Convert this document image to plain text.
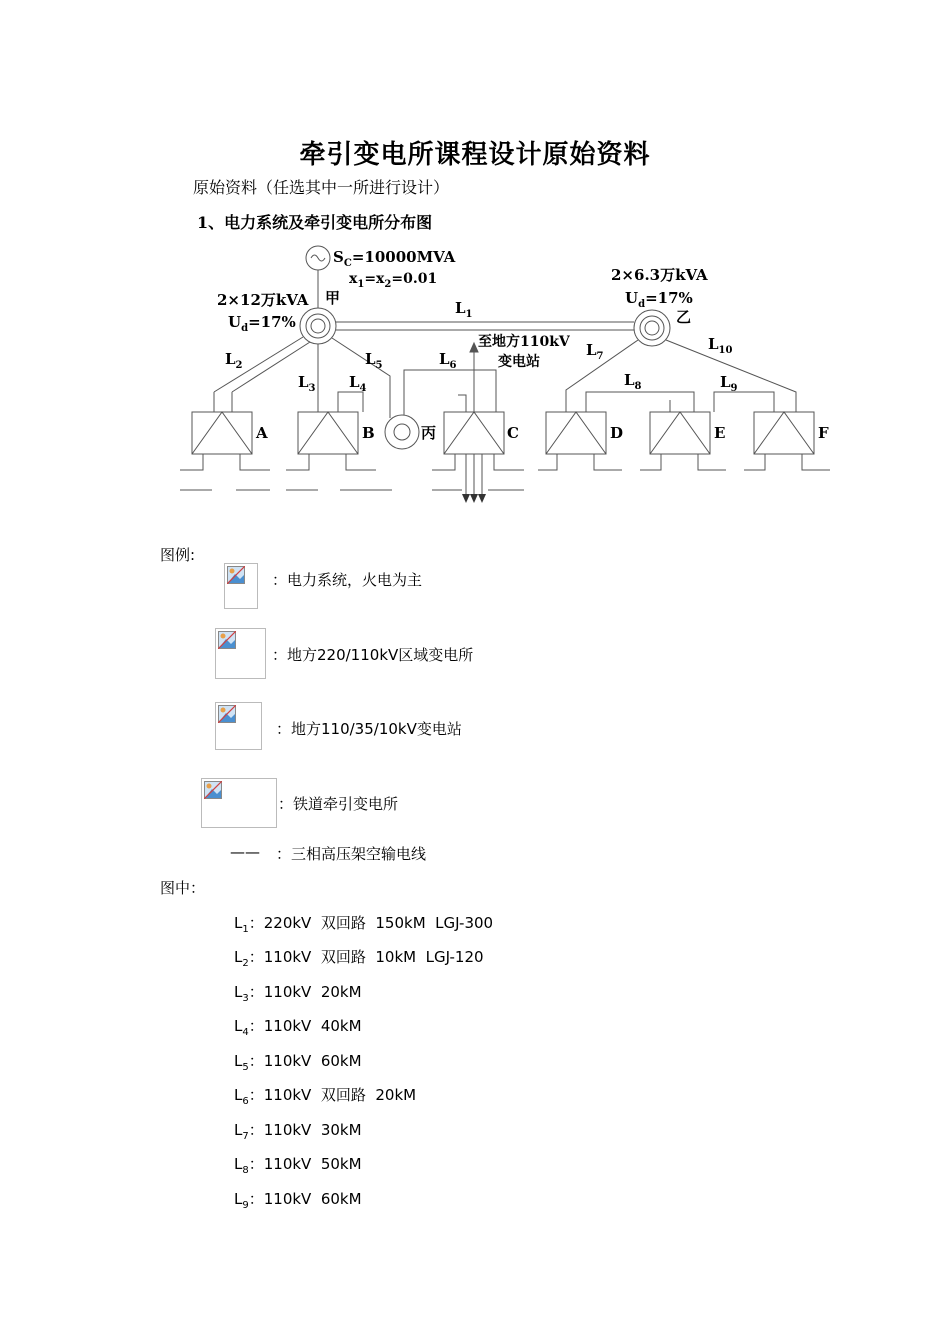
牵引变电所课程设计原始资料
原始资料（任选其中一所进行设计）
1、电力系统及牵引变电所分布图
$S_C=10000MVA$
$x_1=x_2=0.01$
2×12万kVA
$U_d=17\%$
甲
2×6.3万kVA
$U_d=17\%$
乙
丙
至地方110kV
变电站
A	B	C	D	E	F
$L_1$
$L_2$
$L_3$ $L_4$
$L_5$	$L_6$
$L_7$
$L_8$	$L_9$
$L_{10}$
图例:
：电力系统，火电为主
：地方220/110kV区域变电所
：地方110/35/10kV变电站
：铁道牵引变电所
—— ：三相高压架空输电线
图中：
$L_1$：220kV  双回路  150kM  LGJ-300
$L_2$：110kV  双回路  10kM  LGJ-120
$L_3$：110kV  20kM
$L_4$：110kV  40kM
$L_5$：110kV  60kM
$L_6$：110kV  双回路  20kM
$L_7$：110kV  30kM
$L_8$：110kV  50kM
$L_9$：110kV  60kM
